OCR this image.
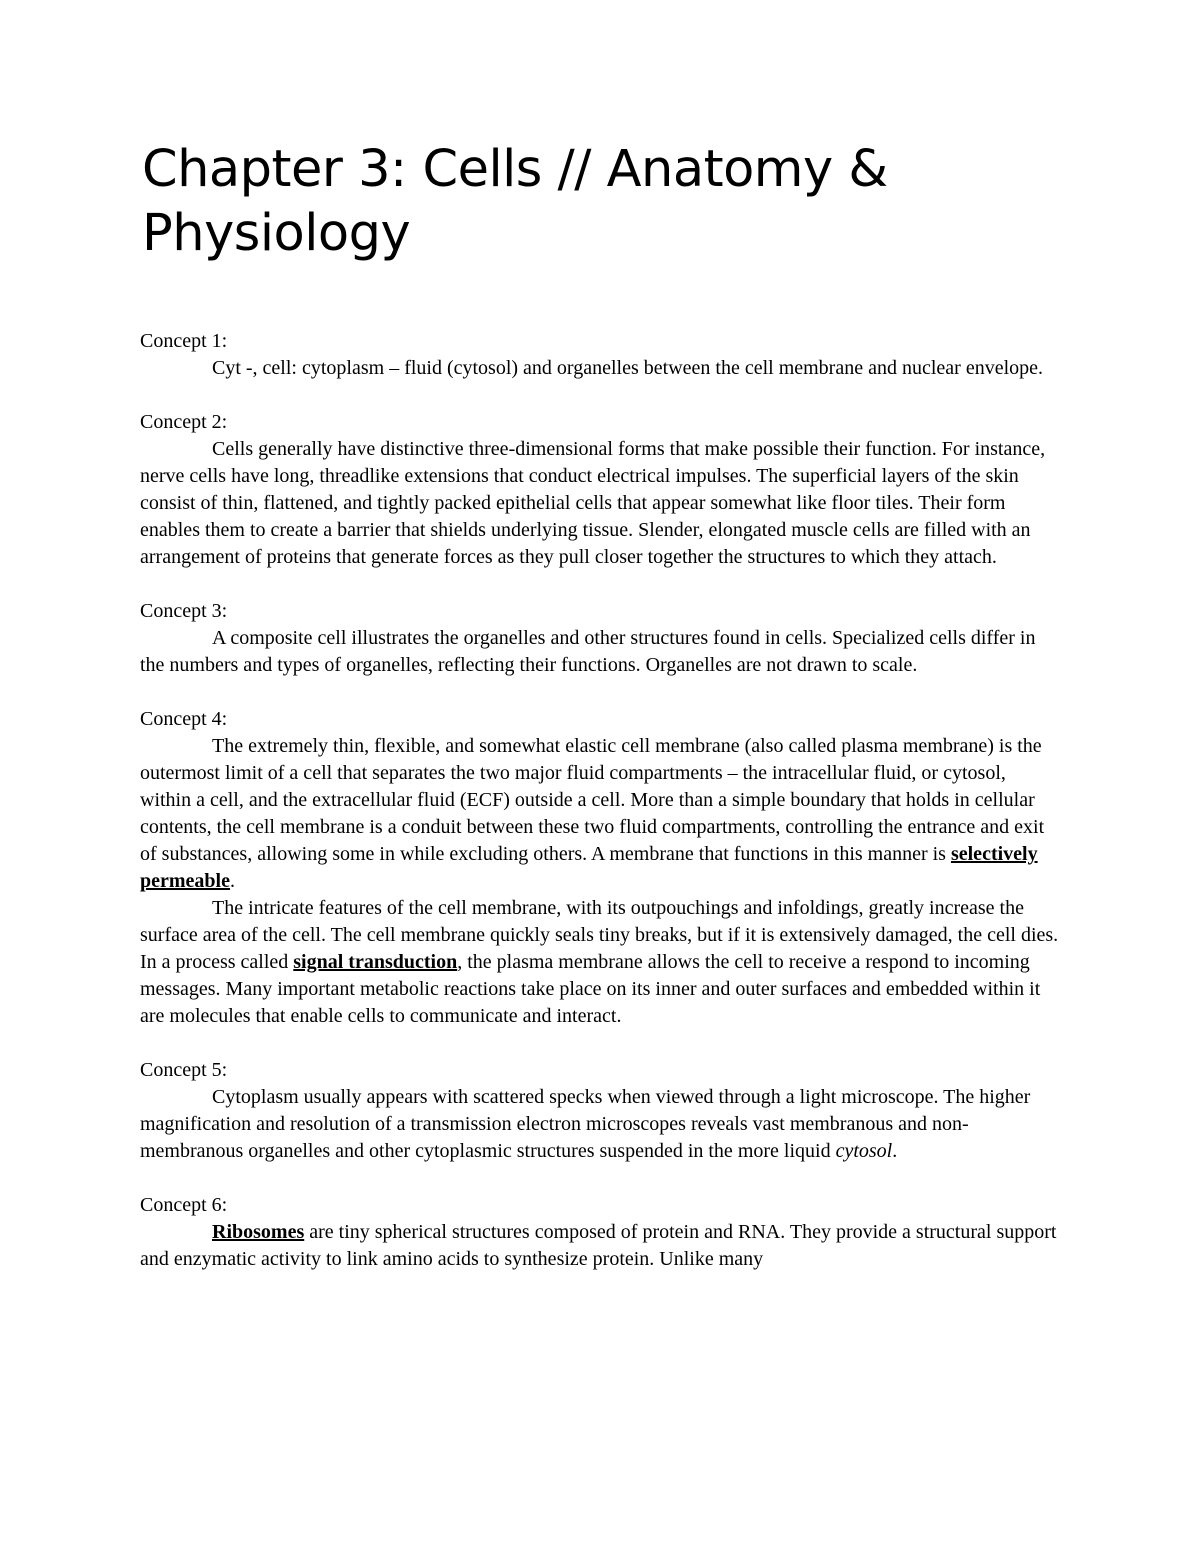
Chapter 3: Cells // Anatomy & Physiology
Concept 1:

Cyt -, cell: cytoplasm – fluid (cytosol) and organelles between the cell membrane and nuclear envelope.

Concept 2:

Cells generally have distinctive three-dimensional forms that make possible their function. For instance, nerve cells have long, threadlike extensions that conduct electrical impulses. The superficial layers of the skin consist of thin, flattened, and tightly packed epithelial cells that appear somewhat like floor tiles. Their form enables them to create a barrier that shields underlying tissue. Slender, elongated muscle cells are filled with an arrangement of proteins that generate forces as they pull closer together the structures to which they attach.

Concept 3:

A composite cell illustrates the organelles and other structures found in cells. Specialized cells differ in the numbers and types of organelles, reflecting their functions. Organelles are not drawn to scale.

Concept 4:

The extremely thin, flexible, and somewhat elastic cell membrane (also called plasma membrane) is the outermost limit of a cell that separates the two major fluid compartments – the intracellular fluid, or cytosol, within a cell, and the extracellular fluid (ECF) outside a cell. More than a simple boundary that holds in cellular contents, the cell membrane is a conduit between these two fluid compartments, controlling the entrance and exit of substances, allowing some in while excluding others. A membrane that functions in this manner is selectively permeable.

The intricate features of the cell membrane, with its outpouchings and infoldings, greatly increase the surface area of the cell. The cell membrane quickly seals tiny breaks, but if it is extensively damaged, the cell dies. In a process called signal transduction, the plasma membrane allows the cell to receive a respond to incoming messages. Many important metabolic reactions take place on its inner and outer surfaces and embedded within it are molecules that enable cells to communicate and interact.

Concept 5:

Cytoplasm usually appears with scattered specks when viewed through a light microscope. The higher magnification and resolution of a transmission electron microscopes reveals vast membranous and non-membranous organelles and other cytoplasmic structures suspended in the more liquid cytosol.

Concept 6:

Ribosomes are tiny spherical structures composed of protein and RNA. They provide a structural support and enzymatic activity to link amino acids to synthesize protein. Unlike many
